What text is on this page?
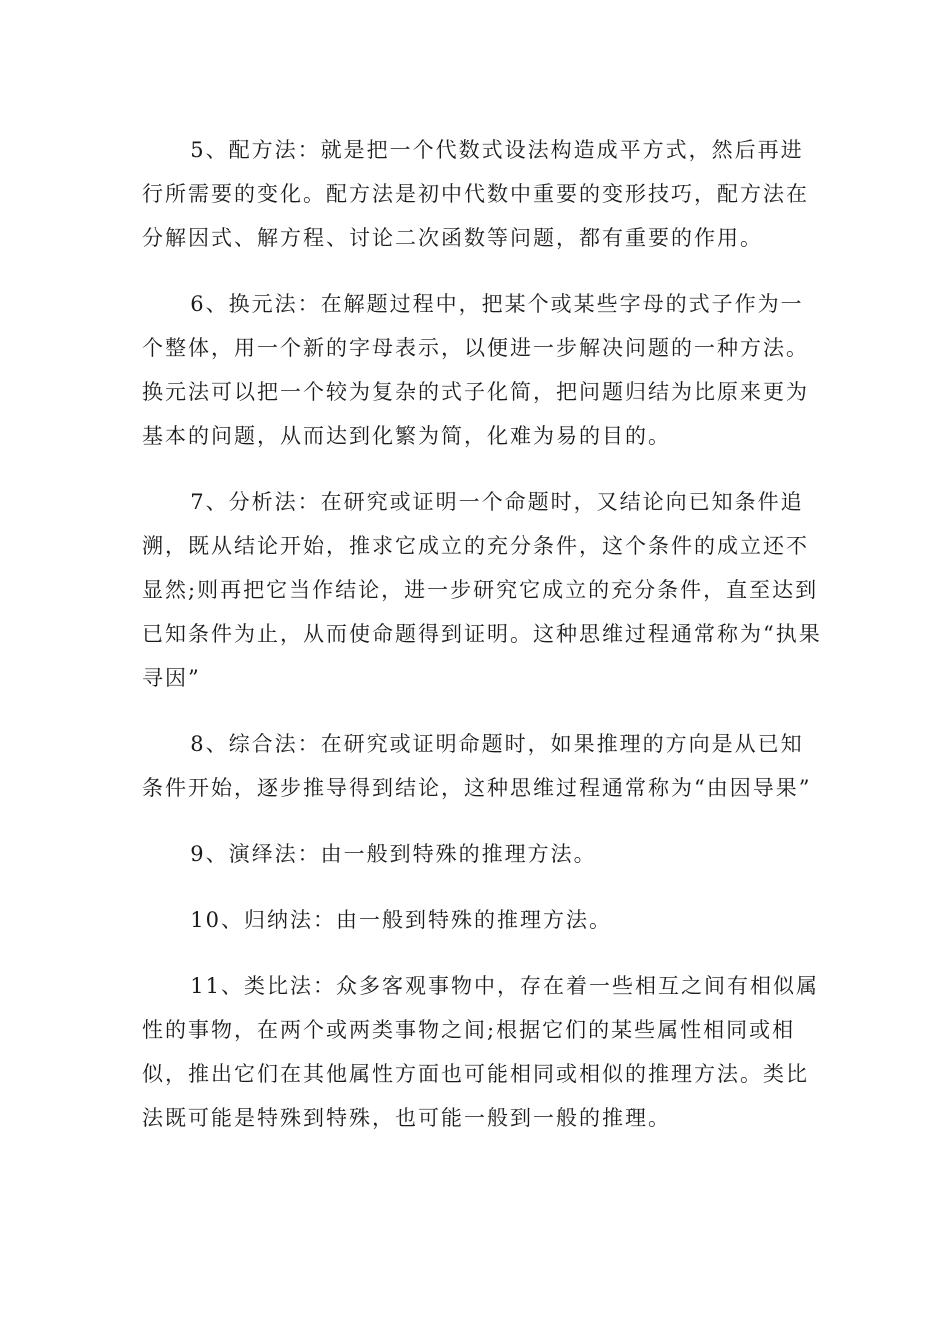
5、配方法：就是把一个代数式设法构造成平方式，然后再进行所需要的变化。配方法是初中代数中重要的变形技巧，配方法在分解因式、解方程、讨论二次函数等问题，都有重要的作用。

6、换元法：在解题过程中，把某个或某些字母的式子作为一个整体，用一个新的字母表示，以便进一步解决问题的一种方法。换元法可以把一个较为复杂的式子化简，把问题归结为比原来更为基本的问题，从而达到化繁为简，化难为易的目的。

7、分析法：在研究或证明一个命题时，又结论向已知条件追溯，既从结论开始，推求它成立的充分条件，这个条件的成立还不显然;则再把它当作结论，进一步研究它成立的充分条件，直至达到已知条件为止，从而使命题得到证明。这种思维过程通常称为“执果寻因”

8、综合法：在研究或证明命题时，如果推理的方向是从已知条件开始，逐步推导得到结论，这种思维过程通常称为“由因导果”

9、演绎法：由一般到特殊的推理方法。

10、归纳法：由一般到特殊的推理方法。

11、类比法：众多客观事物中，存在着一些相互之间有相似属性的事物，在两个或两类事物之间;根据它们的某些属性相同或相似，推出它们在其他属性方面也可能相同或相似的推理方法。类比法既可能是特殊到特殊，也可能一般到一般的推理。
